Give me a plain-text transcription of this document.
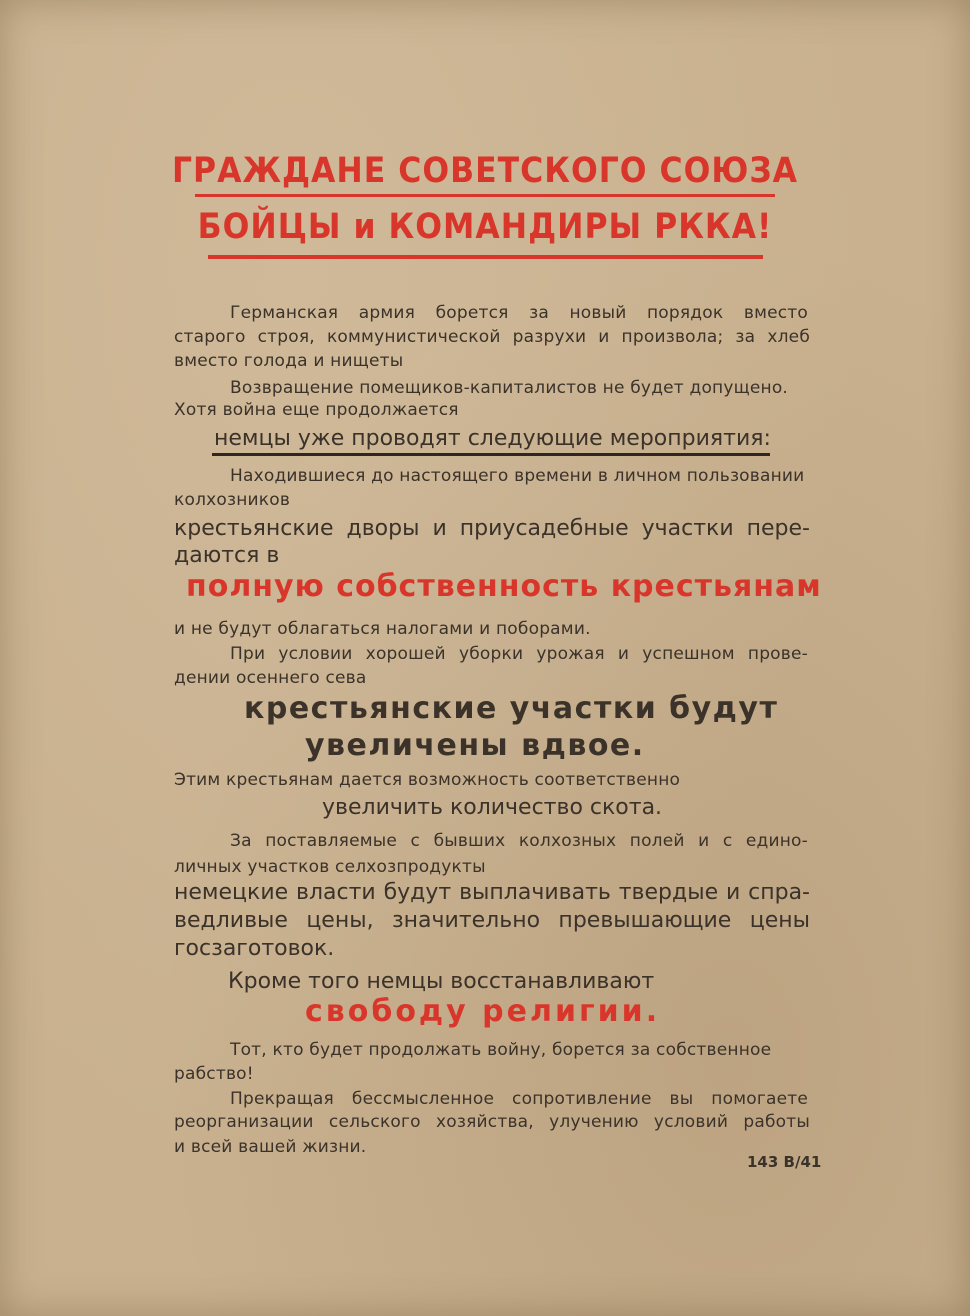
ГРАЖДАНЕ СОВЕТСКОГО СОЮЗА
БОЙЦЫ и КОМАНДИРЫ РККА!

Германская армия борется за новый порядок вместо

старого строя, коммунистической разрухи и произвола; за хлеб

вместо голода и нищеты

Возвращение помещиков-капиталистов не будет допущено.

Хотя война еще продолжается

немцы уже проводят следующие мероприятия:

Находившиеся до настоящего времени в личном пользовании

колхозников

крестьянские дворы и приусадебные участки пере-

даются в

полную собственность крестьянам

и не будут облагаться налогами и поборами.

При условии хорошей уборки урожая и успешном прове-

дении осеннего сева

крестьянские участки будут

увеличены вдвое.

Этим крестьянам дается возможность соответственно

увеличить количество скота.

За поставляемые с бывших колхозных полей и с едино-

личных участков селхозпродукты

немецкие власти будут выплачивать твердые и спра-

ведливые цены, значительно превышающие цены

госзаготовок.

Кроме того немцы восстанавливают

свободу религии.

Тот, кто будет продолжать войну, борется за собственное

рабство!

Прекращая бессмысленное сопротивление вы помогаете

реорганизации сельского хозяйства, улучению условий работы

и всей вашей жизни.

143 В/41
